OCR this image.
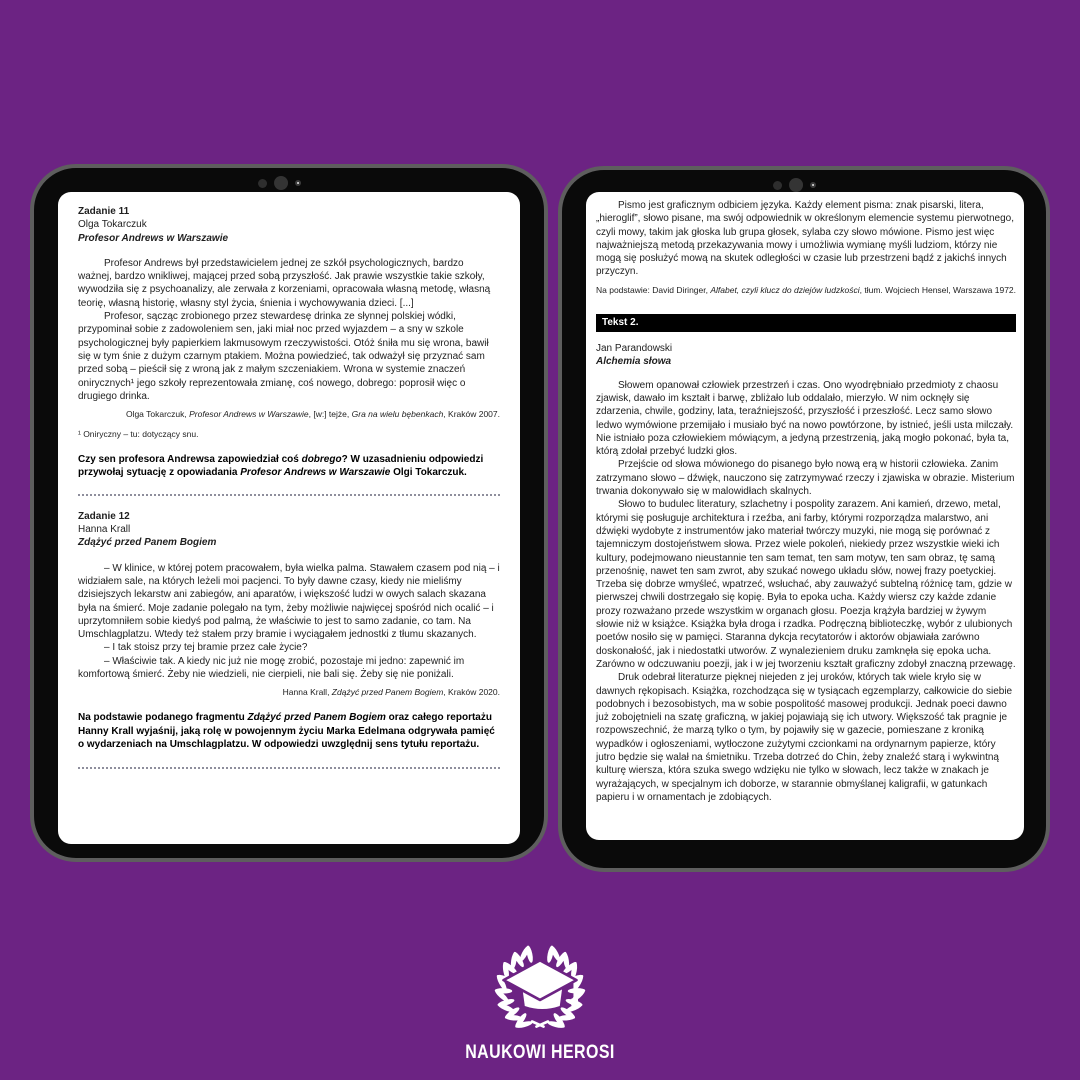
Zadanie 11

Olga Tokarczuk

Profesor Andrews w Warszawie

Profesor Andrews był przedstawicielem jednej ze szkół psychologicznych, bardzo ważnej, bardzo wnikliwej, mającej przed sobą przyszłość. Jak prawie wszystkie takie szkoły, wywodziła się z psychoanalizy, ale zerwała z korzeniami, opracowała własną metodę, własną teorię, własną historię, własny styl życia, śnienia i wychowywania dzieci. [...]

Profesor, sącząc zrobionego przez stewardesę drinka ze słynnej polskiej wódki, przypominał sobie z zadowoleniem sen, jaki miał noc przed wyjazdem – a sny w szkole psychologicznej były papierkiem lakmusowym rzeczywistości. Otóż śniła mu się wrona, bawił się w tym śnie z dużym czarnym ptakiem. Można powiedzieć, tak odważył się przyznać sam przed sobą – pieścił się z wroną jak z małym szczeniakiem. Wrona w systemie znaczeń onirycznych¹ jego szkoły reprezentowała zmianę, coś nowego, dobrego: poprosił więc o drugiego drinka.

Olga Tokarczuk, Profesor Andrews w Warszawie, [w:] tejże, Gra na wielu bębenkach, Kraków 2007.

¹ Oniryczny – tu: dotyczący snu.

Czy sen profesora Andrewsa zapowiedział coś dobrego? W uzasadnieniu odpowiedzi przywołaj sytuację z opowiadania Profesor Andrews w Warszawie Olgi Tokarczuk.

Zadanie 12

Hanna Krall

Zdążyć przed Panem Bogiem

– W klinice, w której potem pracowałem, była wielka palma. Stawałem czasem pod nią – i widziałem sale, na których leżeli moi pacjenci. To były dawne czasy, kiedy nie mieliśmy dzisiejszych lekarstw ani zabiegów, ani aparatów, i większość ludzi w owych salach skazana była na śmierć. Moje zadanie polegało na tym, żeby możliwie najwięcej spośród nich ocalić – i uprzytomniłem sobie kiedyś pod palmą, że właściwie to jest to samo zadanie, co tam. Na Umschlagplatzu. Wtedy też stałem przy bramie i wyciągałem jednostki z tłumu skazanych.

– I tak stoisz przy tej bramie przez całe życie?

– Właściwie tak. A kiedy nic już nie mogę zrobić, pozostaje mi jedno: zapewnić im komfortową śmierć. Żeby nie wiedzieli, nie cierpieli, nie bali się. Żeby się nie poniżali.

Hanna Krall, Zdążyć przed Panem Bogiem, Kraków 2020.

Na podstawie podanego fragmentu Zdążyć przed Panem Bogiem oraz całego reportażu Hanny Krall wyjaśnij, jaką rolę w powojennym życiu Marka Edelmana odgrywała pamięć o wydarzeniach na Umschlagplatzu. W odpowiedzi uwzględnij sens tytułu reportażu.

Pismo jest graficznym odbiciem języka. Każdy element pisma: znak pisarski, litera, „hieroglif”, słowo pisane, ma swój odpowiednik w określonym elemencie systemu pierwotnego, czyli mowy, takim jak głoska lub grupa głosek, sylaba czy słowo mówione. Pismo jest więc najważniejszą metodą przekazywania mowy i umożliwia wymianę myśli ludziom, którzy nie mogą się posłużyć mową na skutek odległości w czasie lub przestrzeni bądź z jakichś innych przyczyn.

Na podstawie: David Diringer, Alfabet, czyli klucz do dziejów ludzkości, tłum. Wojciech Hensel, Warszawa 1972.

Tekst 2.

Jan Parandowski

Alchemia słowa

Słowem opanował człowiek przestrzeń i czas. Ono wyodrębniało przedmioty z chaosu zjawisk, dawało im kształt i barwę, zbliżało lub oddalało, mierzyło. W nim ocknęły się zdarzenia, chwile, godziny, lata, teraźniejszość, przyszłość i przeszłość. Lecz samo słowo ledwo wymówione przemijało i musiało być na nowo powtórzone, by istnieć, jeśli usta milczały. Nie istniało poza człowiekiem mówiącym, a jedyną przestrzenią, jaką mogło pokonać, była ta, którą zdołał przebyć ludzki głos.

Przejście od słowa mówionego do pisanego było nową erą w historii człowieka. Zanim zatrzymano słowo – dźwięk, nauczono się zatrzymywać rzeczy i zjawiska w obrazie. Misterium trwania dokonywało się w malowidłach skalnych.

Słowo to budulec literatury, szlachetny i pospolity zarazem. Ani kamień, drzewo, metal, którymi się posługuje architektura i rzeźba, ani farby, którymi rozporządza malarstwo, ani dźwięki wydobyte z instrumentów jako materiał twórczy muzyki, nie mogą się porównać z tajemniczym dostojeństwem słowa. Przez wiele pokoleń, niekiedy przez wszystkie wieki ich kultury, podejmowano nieustannie ten sam temat, ten sam motyw, ten sam obraz, tę samą przenośnię, nawet ten sam zwrot, aby szukać nowego układu słów, nowej frazy poetyckiej. Trzeba się dobrze wmyśleć, wpatrzeć, wsłuchać, aby zauważyć subtelną różnicę tam, gdzie w pierwszej chwili dostrzegało się kopię. Była to epoka ucha. Każdy wiersz czy każde zdanie prozy rozważano przede wszystkim w organach głosu. Poezja krążyła bardziej w żywym słowie niż w książce. Książka była droga i rzadka. Podręczną biblioteczkę, wybór z ulubionych poetów nosiło się w pamięci. Staranna dykcja recytatorów i aktorów objawiała zarówno doskonałość, jak i niedostatki utworów. Z wynalezieniem druku zamknęła się epoka ucha. Zarówno w odczuwaniu poezji, jak i w jej tworzeniu kształt graficzny zdobył znaczną przewagę.

Druk odebrał literaturze pięknej niejeden z jej uroków, których tak wiele kryło się w dawnych rękopisach. Książka, rozchodząca się w tysiącach egzemplarzy, całkowicie do siebie podobnych i bezosobistych, ma w sobie pospolitość masowej produkcji. Jednak poeci dawno już zobojętnieli na szatę graficzną, w jakiej pojawiają się ich utwory. Większość tak pragnie je rozpowszechnić, że marzą tylko o tym, by pojawiły się w gazecie, pomieszane z kroniką wypadków i ogłoszeniami, wytłoczone zużytymi czcionkami na ordynarnym papierze, który jutro będzie się walał na śmietniku. Trzeba dotrzeć do Chin, żeby znaleźć starą i wykwintną kulturę wiersza, która szuka swego wdzięku nie tylko w słowach, lecz także w znakach je wyrażających, w specjalnym ich doborze, w starannie obmyślanej kaligrafii, w gatunkach papieru i w ornamentach je zdobiących.

NAUKOWI HEROSI
